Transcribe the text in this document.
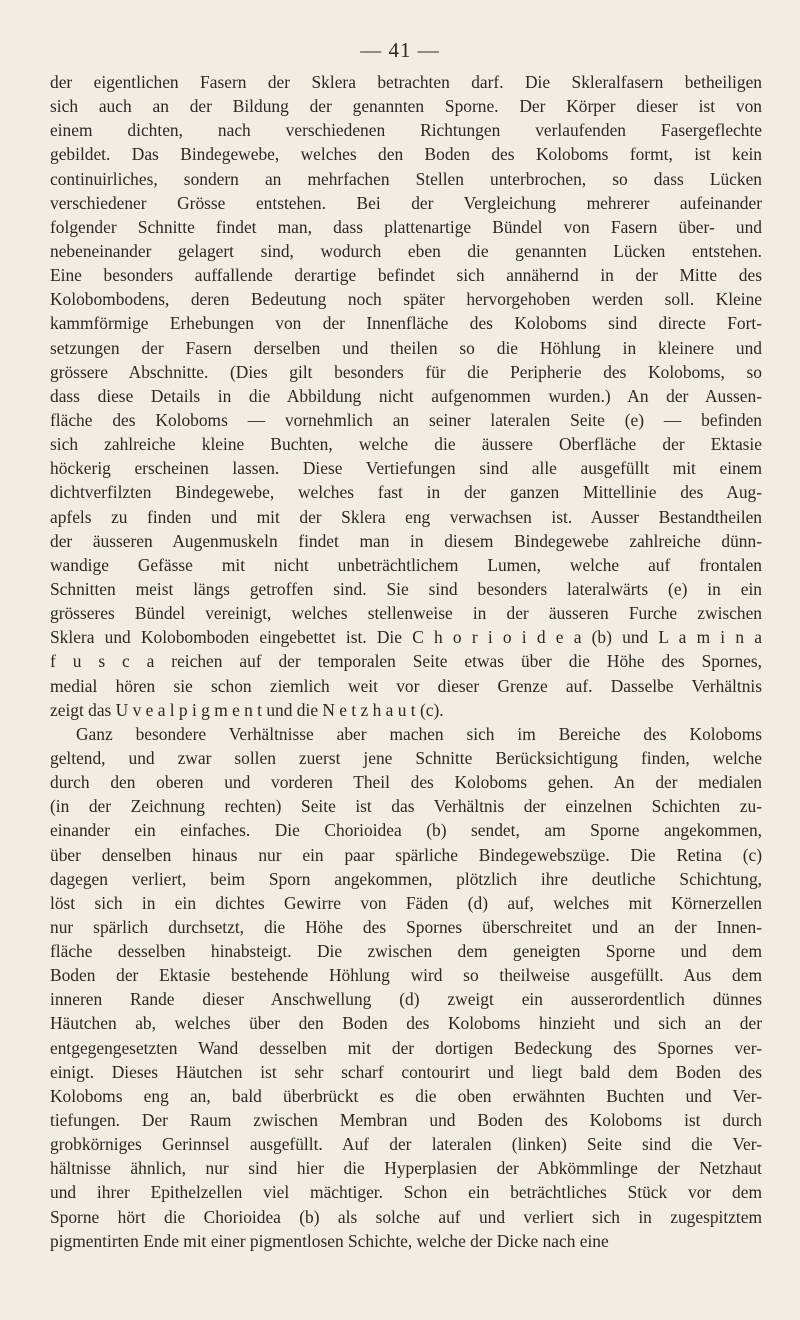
— 41 —
der eigentlichen Fasern der Sklera betrachten darf. Die Skleralfasern betheiligen
sich auch an der Bildung der genannten Sporne. Der Körper dieser ist von
einem dichten, nach verschiedenen Richtungen verlaufenden Fasergeflechte
gebildet. Das Bindegewebe, welches den Boden des Koloboms formt, ist kein
continuirliches, sondern an mehrfachen Stellen unterbrochen, so dass Lücken
verschiedener Grösse entstehen. Bei der Vergleichung mehrerer aufeinander
folgender Schnitte findet man, dass plattenartige Bündel von Fasern über- und
nebeneinander gelagert sind, wodurch eben die genannten Lücken entstehen.
Eine besonders auffallende derartige befindet sich annähernd in der Mitte des
Kolobombodens, deren Bedeutung noch später hervorgehoben werden soll. Kleine
kammförmige Erhebungen von der Innenfläche des Koloboms sind directe Fort-
setzungen der Fasern derselben und theilen so die Höhlung in kleinere und
grössere Abschnitte. (Dies gilt besonders für die Peripherie des Koloboms, so
dass diese Details in die Abbildung nicht aufgenommen wurden.) An der Aussen-
fläche des Koloboms — vornehmlich an seiner lateralen Seite (e) — befinden
sich zahlreiche kleine Buchten, welche die äussere Oberfläche der Ektasie
höckerig erscheinen lassen. Diese Vertiefungen sind alle ausgefüllt mit einem
dichtverfilzten Bindegewebe, welches fast in der ganzen Mittellinie des Aug-
apfels zu finden und mit der Sklera eng verwachsen ist. Ausser Bestandtheilen
der äusseren Augenmuskeln findet man in diesem Bindegewebe zahlreiche dünn-
wandige Gefässe mit nicht unbeträchtlichem Lumen, welche auf frontalen
Schnitten meist längs getroffen sind. Sie sind besonders lateralwärts (e) in ein
grösseres Bündel vereinigt, welches stellenweise in der äusseren Furche zwischen
Sklera und Kolobomboden eingebettet ist. Die C h o r i o i d e a (b) und L a m i n a
f u s c a reichen auf der temporalen Seite etwas über die Höhe des Spornes,
medial hören sie schon ziemlich weit vor dieser Grenze auf. Dasselbe Verhältnis
zeigt das U v e a l p i g m e n t und die N e t z h a u t (c).
Ganz besondere Verhältnisse aber machen sich im Bereiche des Koloboms
geltend, und zwar sollen zuerst jene Schnitte Berücksichtigung finden, welche
durch den oberen und vorderen Theil des Koloboms gehen. An der medialen
(in der Zeichnung rechten) Seite ist das Verhältnis der einzelnen Schichten zu-
einander ein einfaches. Die Chorioidea (b) sendet, am Sporne angekommen,
über denselben hinaus nur ein paar spärliche Bindegewebszüge. Die Retina (c)
dagegen verliert, beim Sporn angekommen, plötzlich ihre deutliche Schichtung,
löst sich in ein dichtes Gewirre von Fäden (d) auf, welches mit Körnerzellen
nur spärlich durchsetzt, die Höhe des Spornes überschreitet und an der Innen-
fläche desselben hinabsteigt. Die zwischen dem geneigten Sporne und dem
Boden der Ektasie bestehende Höhlung wird so theilweise ausgefüllt. Aus dem
inneren Rande dieser Anschwellung (d) zweigt ein ausserordentlich dünnes
Häutchen ab, welches über den Boden des Koloboms hinzieht und sich an der
entgegengesetzten Wand desselben mit der dortigen Bedeckung des Spornes ver-
einigt. Dieses Häutchen ist sehr scharf contourirt und liegt bald dem Boden des
Koloboms eng an, bald überbrückt es die oben erwähnten Buchten und Ver-
tiefungen. Der Raum zwischen Membran und Boden des Koloboms ist durch
grobkörniges Gerinnsel ausgefüllt. Auf der lateralen (linken) Seite sind die Ver-
hältnisse ähnlich, nur sind hier die Hyperplasien der Abkömmlinge der Netzhaut
und ihrer Epithelzellen viel mächtiger. Schon ein beträchtliches Stück vor dem
Sporne hört die Chorioidea (b) als solche auf und verliert sich in zugespitztem
pigmentirten Ende mit einer pigmentlosen Schichte, welche der Dicke nach eine
